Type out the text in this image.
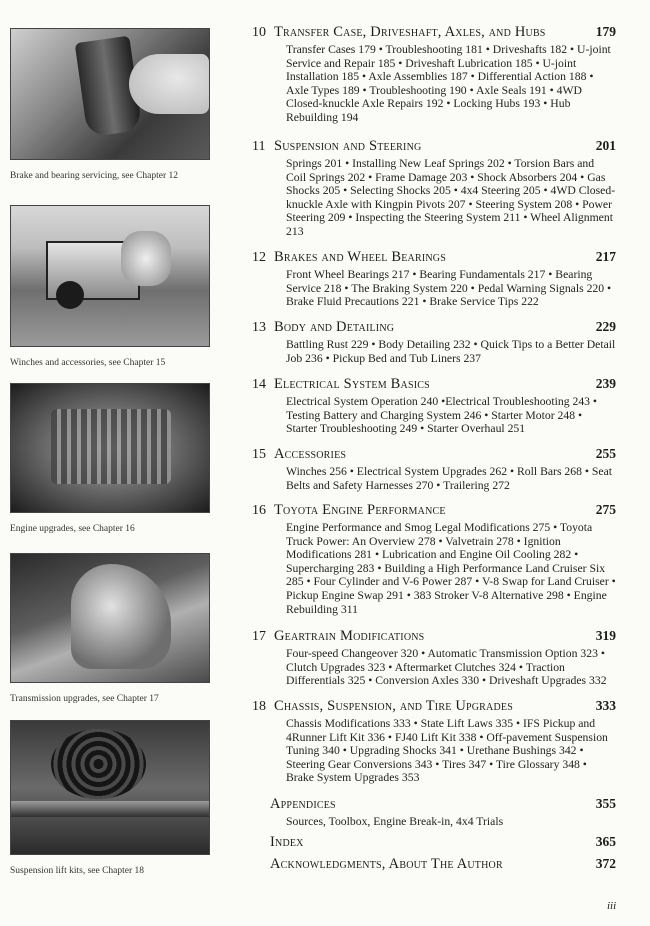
Brake and bearing servicing, see Chapter 12
Winches and accessories, see Chapter 15
Engine upgrades, see Chapter 16
Transmission upgrades, see Chapter 17
Suspension lift kits, see Chapter 18
10 Transfer Case, Driveshaft, Axles, and Hubs	179
Transfer Cases 179 • Troubleshooting 181 • Driveshafts 182 • U-joint Service and Repair 185 • Driveshaft Lubrication 185 • U-joint Installation 185 • Axle Assemblies 187 • Differential Action 188 • Axle Types 189 • Troubleshooting 190 • Axle Seals 191 • 4WD Closed-knuckle Axle Repairs 192 • Locking Hubs 193 • Hub Rebuilding 194
11 Suspension and Steering	201
Springs 201 • Installing New Leaf Springs 202 • Torsion Bars and Coil Springs 202 • Frame Damage 203 • Shock Absorbers 204 • Gas Shocks 205 • Selecting Shocks 205 • 4x4 Steering 205 • 4WD Closed-knuckle Axle with Kingpin Pivots 207 • Steering System 208 • Power Steering 209 • Inspecting the Steering System 211 • Wheel Alignment 213
12 Brakes and Wheel Bearings	217
Front Wheel Bearings 217 • Bearing Fundamentals 217 • Bearing Service 218 • The Braking System 220 • Pedal Warning Signals 220 • Brake Fluid Precautions 221 • Brake Service Tips 222
13 Body and Detailing	229
Battling Rust 229 • Body Detailing 232 • Quick Tips to a Better Detail Job 236 • Pickup Bed and Tub Liners 237
14 Electrical System Basics	239
Electrical System Operation 240 •Electrical Troubleshooting 243 • Testing Battery and Charging System 246 • Starter Motor 248 • Starter Troubleshooting 249 • Starter Overhaul 251
15 Accessories	255
Winches 256 • Electrical System Upgrades 262 • Roll Bars 268 • Seat Belts and Safety Harnesses 270 • Trailering 272
16 Toyota Engine Performance	275
Engine Performance and Smog Legal Modifications 275 • Toyota Truck Power: An Overview 278 • Valvetrain 278 • Ignition Modifications 281 • Lubrication and Engine Oil Cooling 282 • Supercharging 283 • Building a High Performance Land Cruiser Six 285 • Four Cylinder and V-6 Power 287 • V-8 Swap for Land Cruiser • Pickup Engine Swap 291 • 383 Stroker V-8 Alternative 298 • Engine Rebuilding 311
17 Geartrain Modifications	319
Four-speed Changeover 320 • Automatic Transmission Option 323 • Clutch Upgrades 323 • Aftermarket Clutches 324 • Traction Differentials 325 • Conversion Axles 330 • Driveshaft Upgrades 332
18 Chassis, Suspension, and Tire Upgrades	333
Chassis Modifications 333 • State Lift Laws 335 • IFS Pickup and 4Runner Lift Kit 336 • FJ40 Lift Kit 338 • Off-pavement Suspension Tuning 340 • Upgrading Shocks 341 • Urethane Bushings 342 • Steering Gear Conversions 343 • Tires 347 • Tire Glossary 348 • Brake System Upgrades 353
Appendices	355
Sources, Toolbox, Engine Break-in, 4x4 Trials
Index	365
Acknowledgments, About The Author	372
iii
